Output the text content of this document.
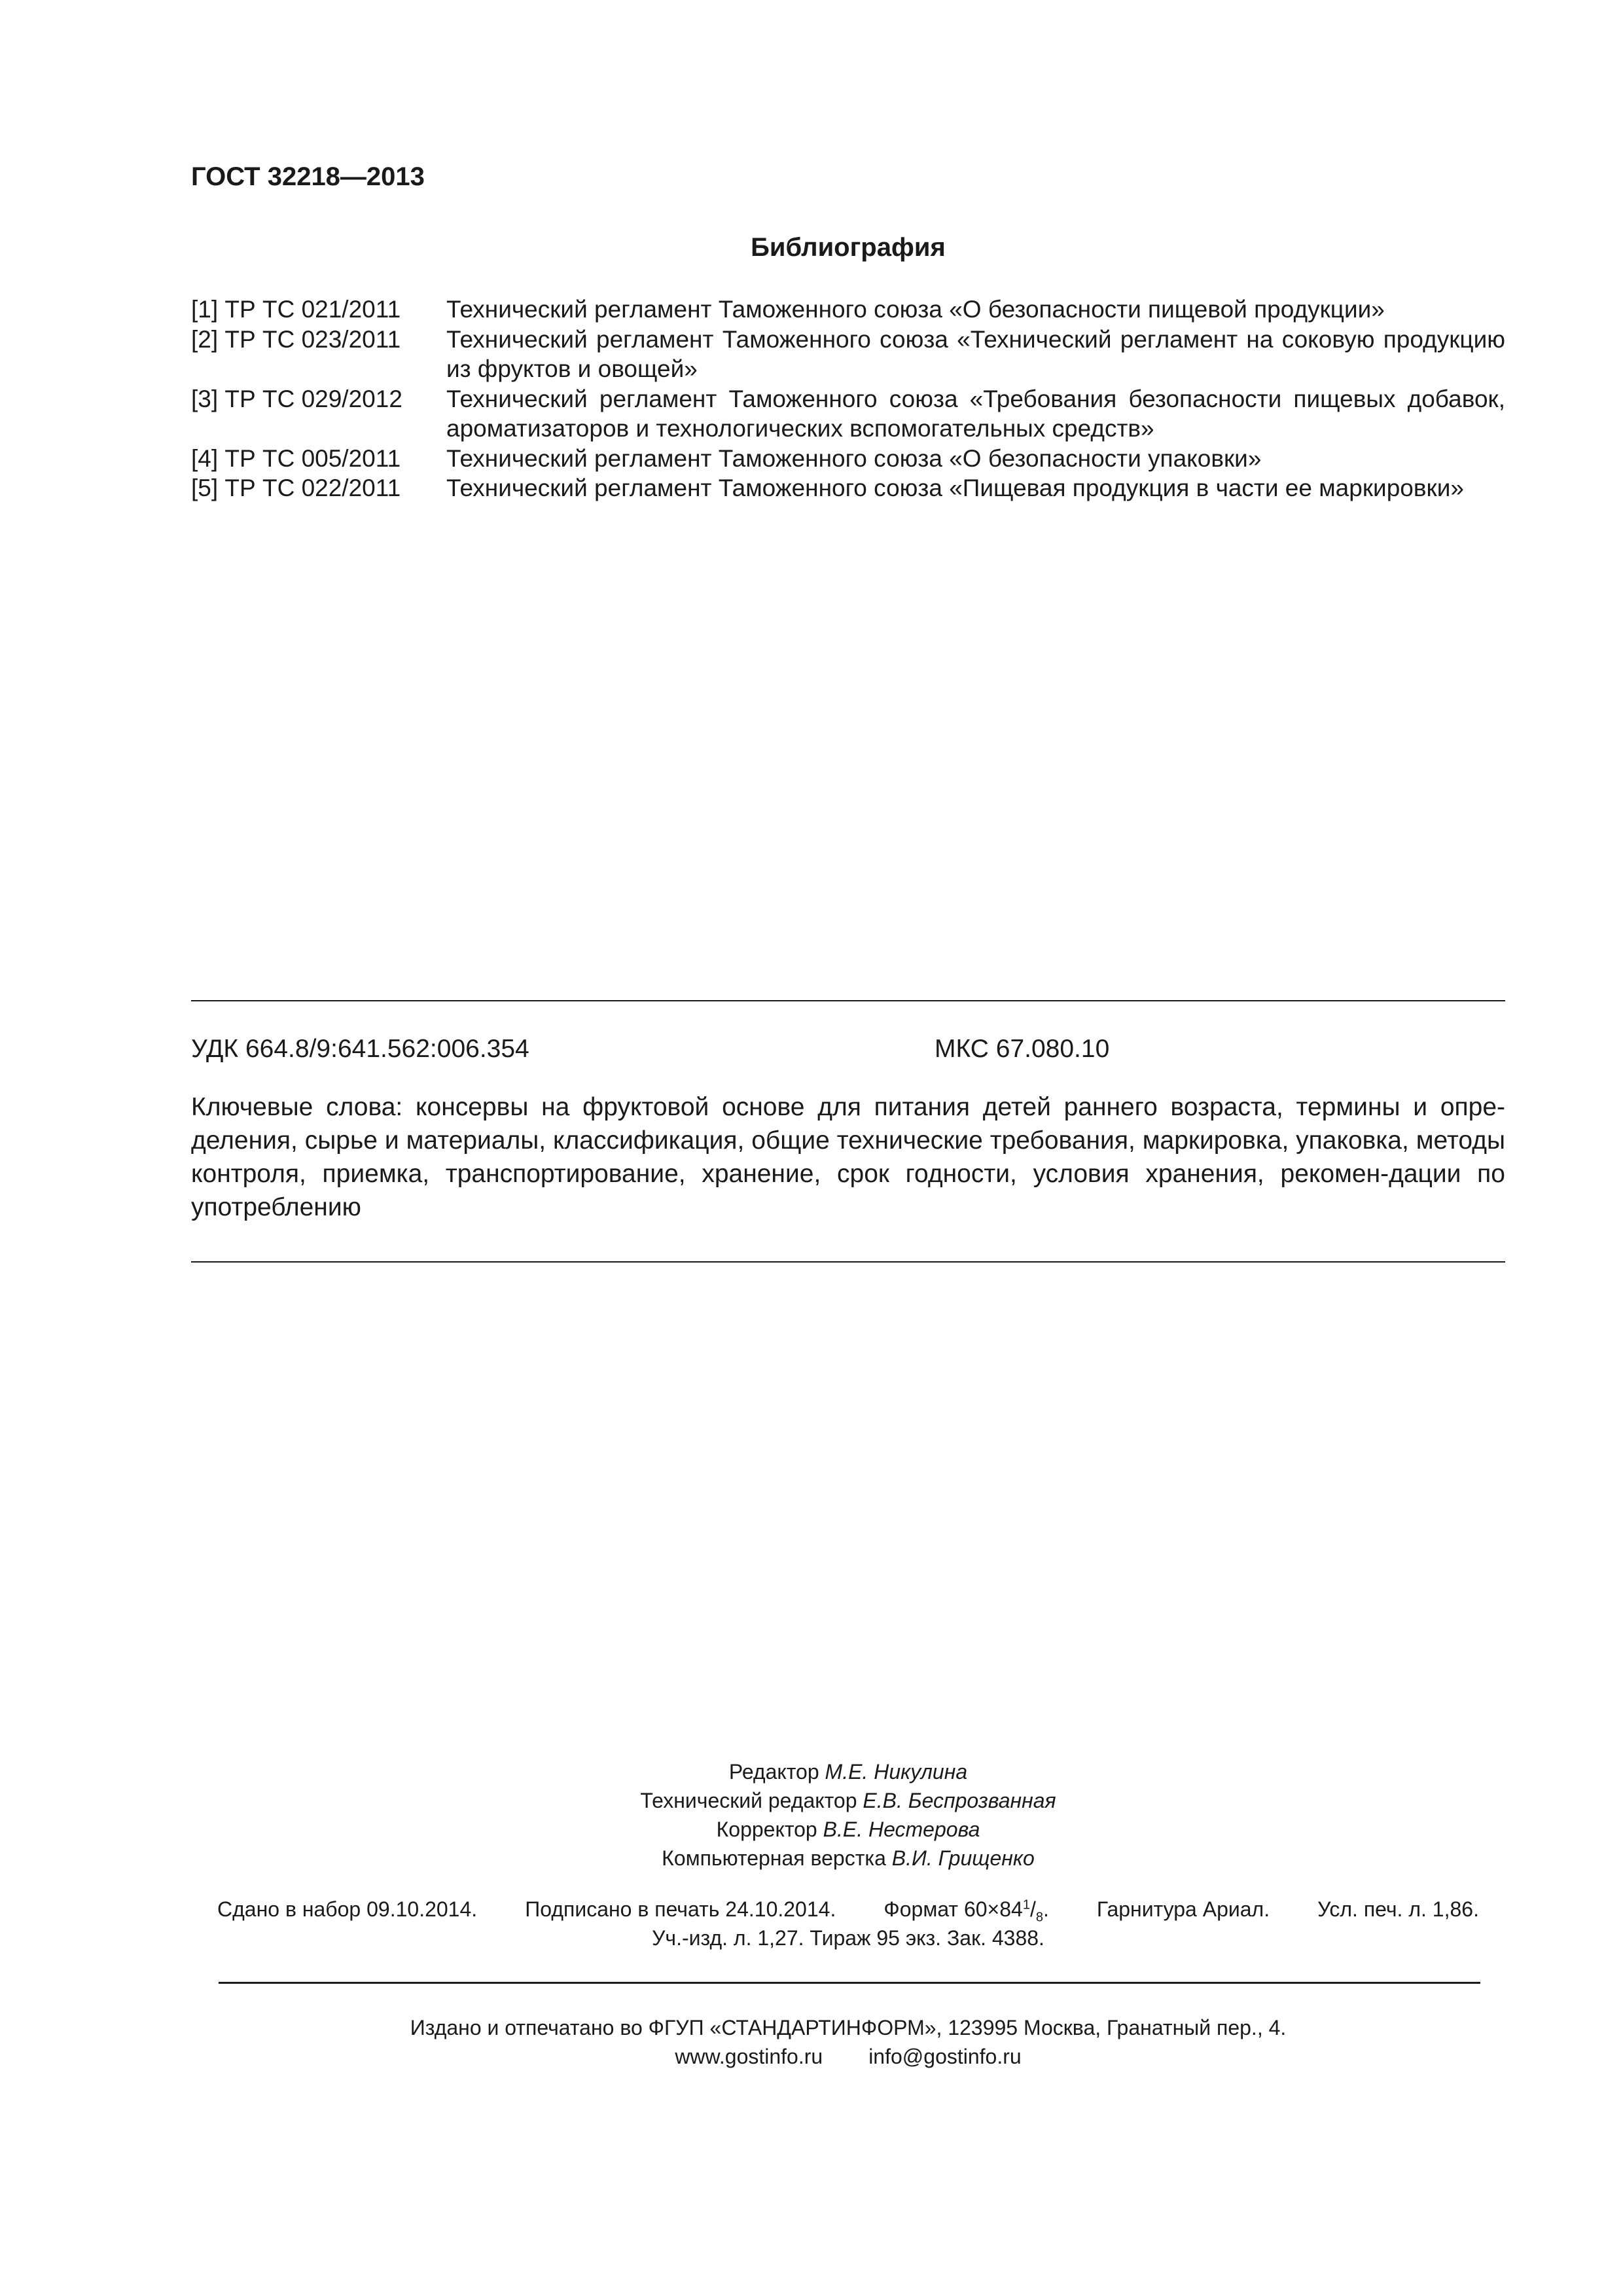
ГОСТ 32218—2013
Библиография
[1] ТР ТС 021/2011	Технический регламент Таможенного союза «О безопасности пищевой продукции»
[2] ТР ТС 023/2011	Технический регламент Таможенного союза «Технический регламент на соковую продукцию из фруктов и овощей»
[3] ТР ТС 029/2012	Технический регламент Таможенного союза «Требования безопасности пищевых добавок, ароматизаторов и технологических вспомогательных средств»
[4] ТР ТС 005/2011	Технический регламент Таможенного союза «О безопасности упаковки»
[5] ТР ТС 022/2011	Технический регламент Таможенного союза «Пищевая продукция в части ее маркировки»
УДК 664.8/9:641.562:006.354	МКС 67.080.10
Ключевые слова: консервы на фруктовой основе для питания детей раннего возраста, термины и опре-деления, сырье и материалы, классификация, общие технические требования, маркировка, упаковка, методы контроля, приемка, транспортирование, хранение, срок годности, условия хранения, рекомен-дации по употреблению
Редактор М.Е. Никулина
Технический редактор Е.В. Беспрозванная
Корректор В.Е. Нестерова
Компьютерная верстка В.И. Грищенко
Сдано в набор 09.10.2014. Подписано в печать 24.10.2014. Формат $60\times 84^1/_8$. Гарнитура Ариал. Усл. печ. л. 1,86.
Уч.-изд. л. 1,27. Тираж 95 экз. Зак. 4388.
Издано и отпечатано во ФГУП «СТАНДАРТИНФОРМ», 123995 Москва, Гранатный пер., 4.
www.gostinfo.ru info@gostinfo.ru
